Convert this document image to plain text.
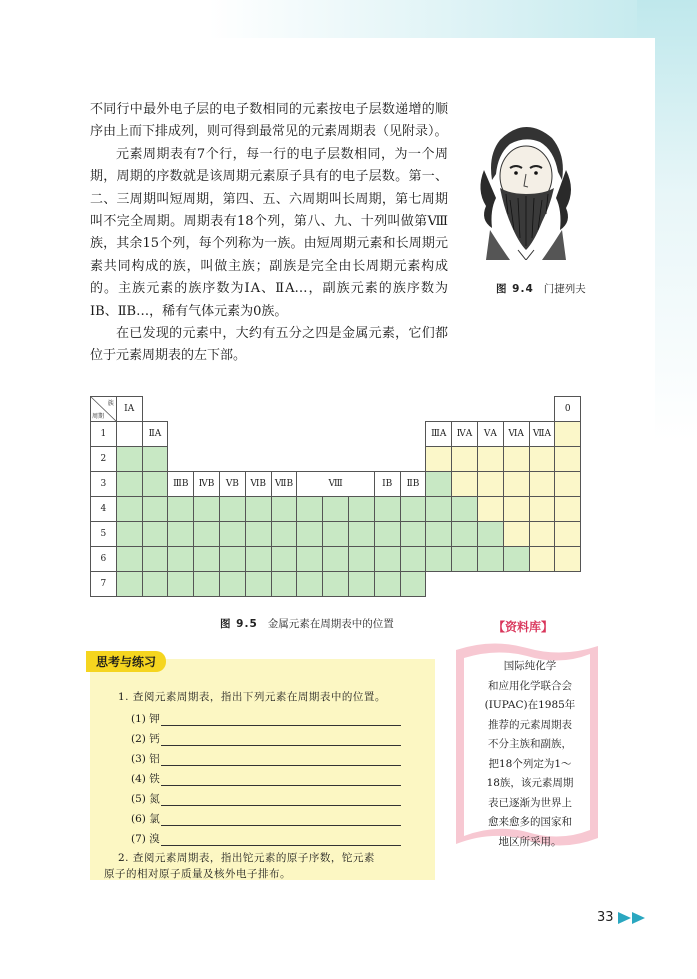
不同行中最外电子层的电子数相同的元素按电子层数递增的顺序由上而下排成列，则可得到最常见的元素周期表（见附录）。

元素周期表有7个行，每一行的电子层数相同，为一个周期，周期的序数就是该周期元素原子具有的电子层数。第一、二、三周期叫短周期，第四、五、六周期叫长周期，第七周期叫不完全周期。周期表有18个列，第八、九、十列叫做第Ⅷ族，其余15个列，每个列称为一族。由短周期元素和长周期元素共同构成的族，叫做主族；副族是完全由长周期元素构成的。主族元素的族序数为ⅠA、ⅡA…，副族元素的族序数为ⅠB、ⅡB…，稀有气体元素为0族。

在已发现的元素中，大约有五分之四是金属元素，它们都位于元素周期表的左下部。

图 9.4 门捷列夫
族
周期	ⅠA																	0
1		ⅡA											ⅢA	ⅣA	ⅤA	ⅥA	ⅦA	
2																		
3			ⅢB	ⅣB	ⅤB	ⅥB	ⅦB	Ⅷ			ⅠB	ⅡB						
4																		
5																		
6																		
7																		
图 9.5 金属元素在周期表中的位置
思考与练习
1. 查阅元素周期表，指出下列元素在周期表中的位置。
(1) 钾
(2) 钙
(3) 铝
(4) 铁
(5) 氮
(6) 氯
(7) 溴
2. 查阅元素周期表，指出铊元素的原子序数，铊元素
原子的相对原子质量及核外电子排布。
【资料库】
国际纯化学
和应用化学联合会
(IUPAC)在1985年
推荐的元素周期表
不分主族和副族，
把18个列定为1～
18族，该元素周期
表已逐渐为世界上
愈来愈多的国家和
地区所采用。
33
